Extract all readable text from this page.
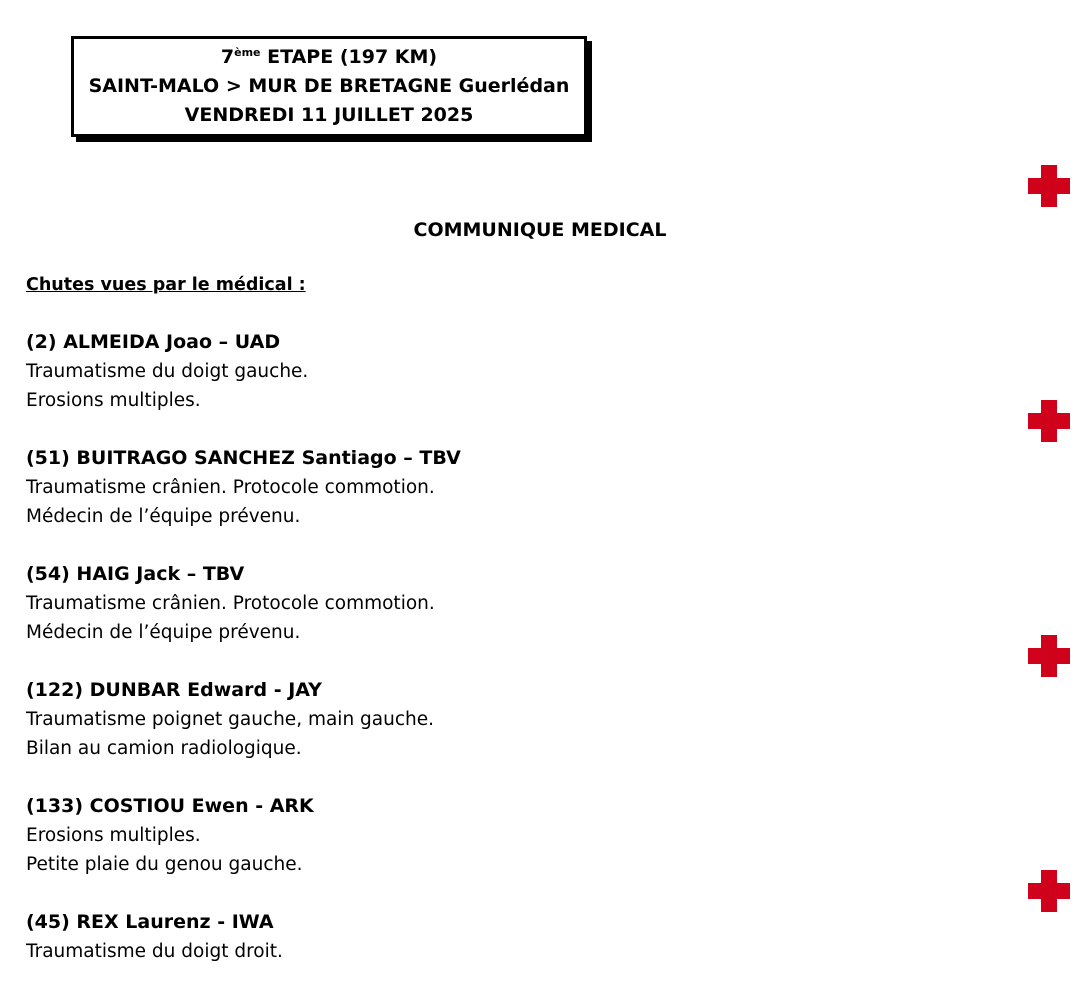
7ème ETAPE (197 KM)
SAINT-MALO > MUR DE BRETAGNE Guerlédan
VENDREDI 11 JUILLET 2025
COMMUNIQUE MEDICAL
Chutes vues par le médical :
(2) ALMEIDA Joao – UAD
Traumatisme du doigt gauche.
Erosions multiples.
(51) BUITRAGO SANCHEZ Santiago – TBV
Traumatisme crânien. Protocole commotion.
Médecin de l’équipe prévenu.
(54) HAIG Jack – TBV
Traumatisme crânien. Protocole commotion.
Médecin de l’équipe prévenu.
(122) DUNBAR Edward - JAY
Traumatisme poignet gauche, main gauche.
Bilan au camion radiologique.
(133) COSTIOU Ewen - ARK
Erosions multiples.
Petite plaie du genou gauche.
(45) REX Laurenz - IWA
Traumatisme du doigt droit.
